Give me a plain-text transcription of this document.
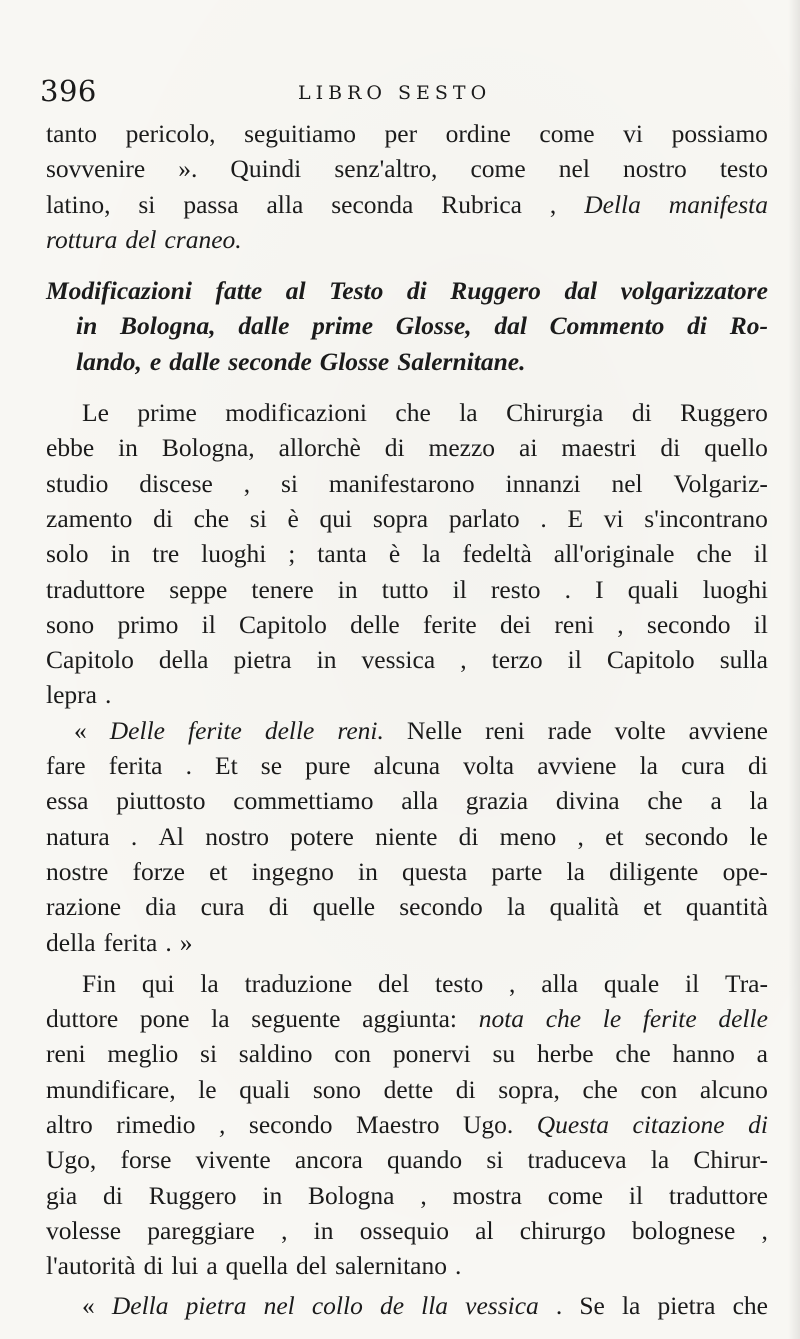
396	LIBRO SESTO
tanto pericolo, seguitiamo per ordine come vi possiamo
sovvenire ». Quindi senz'altro, come nel nostro testo
latino, si passa alla seconda Rubrica , Della manifesta
rottura del craneo.
Modificazioni fatte al Testo di Ruggero dal volgarizzatore
in Bologna, dalle prime Glosse, dal Commento di Ro-
lando, e dalle seconde Glosse Salernitane.
Le prime modificazioni che la Chirurgia di Ruggero
ebbe in Bologna, allorchè di mezzo ai maestri di quello
studio discese , si manifestarono innanzi nel Volgariz-
zamento di che si è qui sopra parlato . E vi s'incontrano
solo in tre luoghi ; tanta è la fedeltà all'originale che il
traduttore seppe tenere in tutto il resto . I quali luoghi
sono primo il Capitolo delle ferite dei reni , secondo il
Capitolo della pietra in vessica , terzo il Capitolo sulla
lepra .
« Delle ferite delle reni. Nelle reni rade volte avviene
fare ferita . Et se pure alcuna volta avviene la cura di
essa piuttosto commettiamo alla grazia divina che a la
natura . Al nostro potere niente di meno , et secondo le
nostre forze et ingegno in questa parte la diligente ope-
razione dia cura di quelle secondo la qualità et quantità
della ferita . »
Fin qui la traduzione del testo , alla quale il Tra-
duttore pone la seguente aggiunta: nota che le ferite delle
reni meglio si saldino con ponervi su herbe che hanno a
mundificare, le quali sono dette di sopra, che con alcuno
altro rimedio , secondo Maestro Ugo. Questa citazione di
Ugo, forse vivente ancora quando si traduceva la Chirur-
gia di Ruggero in Bologna , mostra come il traduttore
volesse pareggiare , in ossequio al chirurgo bolognese ,
l'autorità di lui a quella del salernitano .
« Della pietra nel collo de lla vessica . Se la pietra che
